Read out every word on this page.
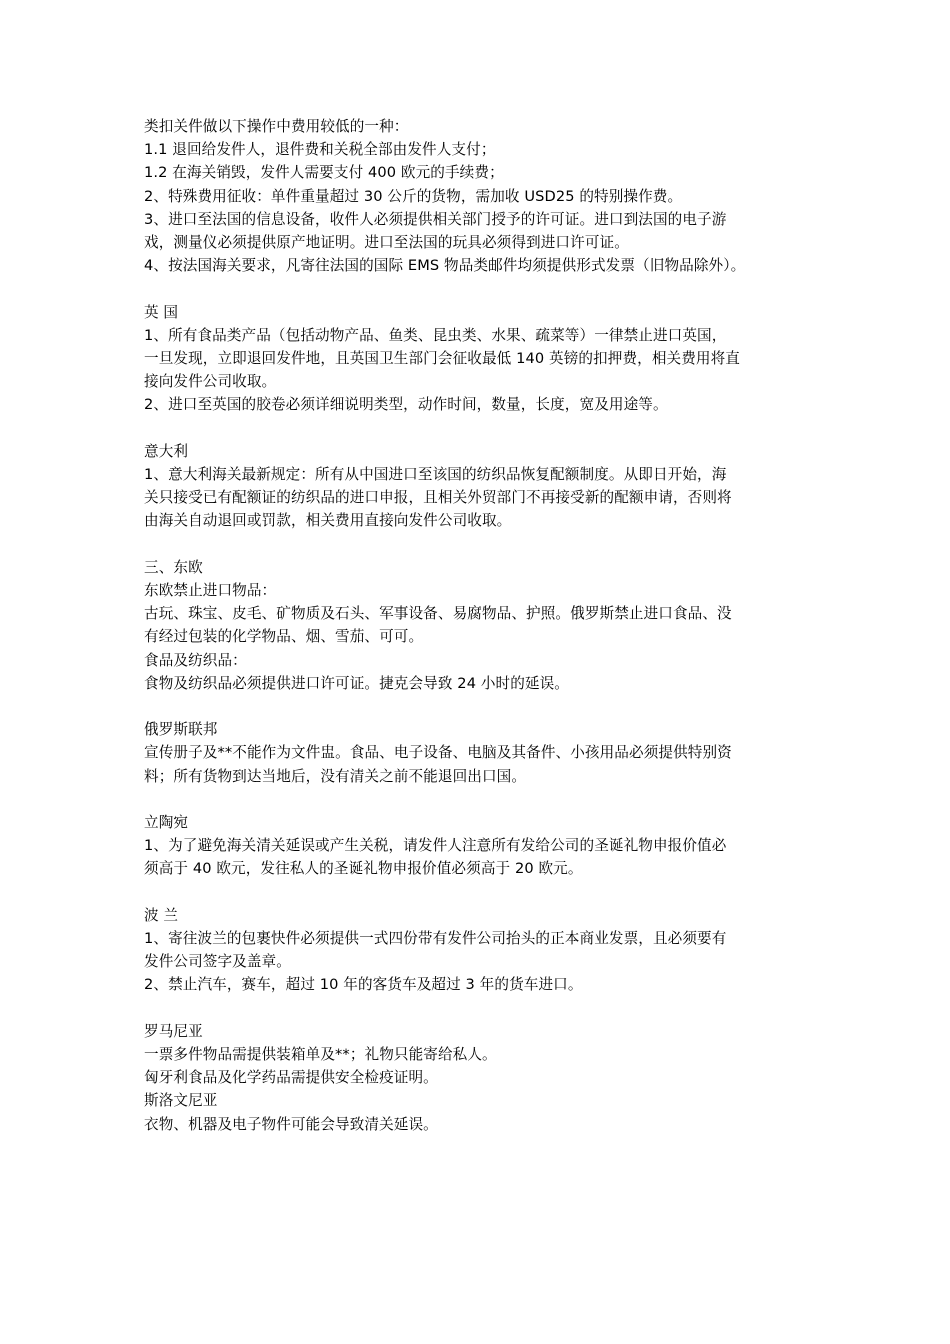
类扣关件做以下操作中费用较低的一种：
1.1 退回给发件人，退件费和关税全部由发件人支付；
1.2 在海关销毁，发件人需要支付 400 欧元的手续费；
2、特殊费用征收：单件重量超过 30 公斤的货物，需加收 USD25 的特别操作费。
3、进口至法国的信息设备，收件人必须提供相关部门授予的许可证。进口到法国的电子游
戏，测量仪必须提供原产地证明。进口至法国的玩具必须得到进口许可证。
4、按法国海关要求，凡寄往法国的国际 EMS 物品类邮件均须提供形式发票（旧物品除外）。
英 国
1、所有食品类产品（包括动物产品、鱼类、昆虫类、水果、疏菜等）一律禁止进口英国，
一旦发现，立即退回发件地，且英国卫生部门会征收最低 140 英镑的扣押费，相关费用将直
接向发件公司收取。
2、进口至英国的胶卷必须详细说明类型，动作时间，数量，长度，宽及用途等。
意大利
1、意大利海关最新规定：所有从中国进口至该国的纺织品恢复配额制度。从即日开始，海
关只接受已有配额证的纺织品的进口申报，且相关外贸部门不再接受新的配额申请，否则将
由海关自动退回或罚款，相关费用直接向发件公司收取。
三、东欧
东欧禁止进口物品：
古玩、珠宝、皮毛、矿物质及石头、军事设备、易腐物品、护照。俄罗斯禁止进口食品、没
有经过包装的化学物品、烟、雪茄、可可。
食品及纺织品：
食物及纺织品必须提供进口许可证。捷克会导致 24 小时的延误。
俄罗斯联邦
宣传册子及**不能作为文件盅。食品、电子设备、电脑及其备件、小孩用品必须提供特别资
料；所有货物到达当地后，没有清关之前不能退回出口国。
立陶宛
1、为了避免海关清关延误或产生关税，请发件人注意所有发给公司的圣诞礼物申报价值必
须高于 40 欧元，发往私人的圣诞礼物申报价值必须高于 20 欧元。
波 兰
1、寄往波兰的包裹快件必须提供一式四份带有发件公司抬头的正本商业发票，且必须要有
发件公司签字及盖章。
2、禁止汽车，赛车，超过 10 年的客货车及超过 3 年的货车进口。
罗马尼亚
一票多件物品需提供装箱单及**；礼物只能寄给私人。
匈牙利食品及化学药品需提供安全检疫证明。
斯洛文尼亚
衣物、机器及电子物件可能会导致清关延误。
